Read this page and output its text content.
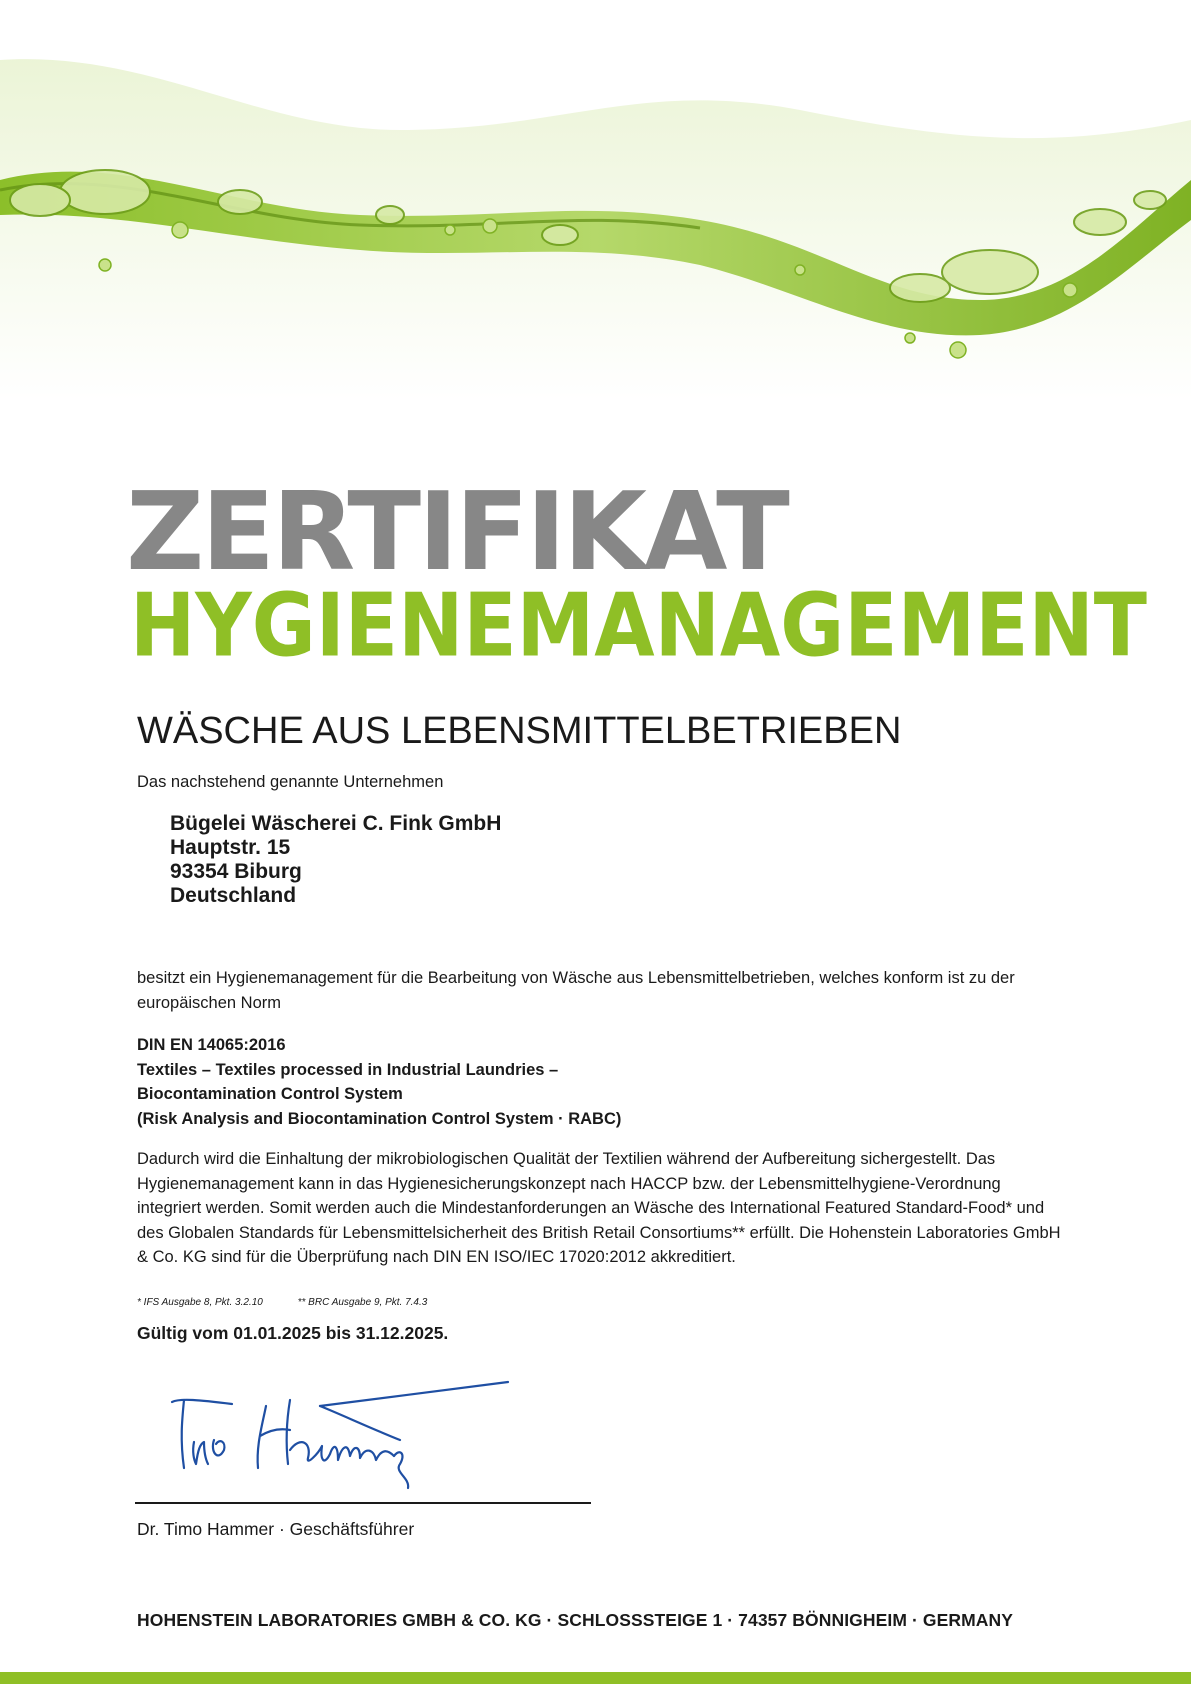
ZERTIFIKAT
HYGIENEMANAGEMENT
WÄSCHE AUS LEBENSMITTELBETRIEBEN

Das nachstehend genannte Unternehmen

Bügelei Wäscherei C. Fink GmbH
Hauptstr. 15
93354 Biburg
Deutschland

besitzt ein Hygienemanagement für die Bearbeitung von Wäsche aus Lebensmittelbetrieben, welches konform ist zu der europäischen Norm

DIN EN 14065:2016
Textiles – Textiles processed in Industrial Laundries –
Biocontamination Control System
(Risk Analysis and Biocontamination Control System · RABC)

Dadurch wird die Einhaltung der mikrobiologischen Qualität der Textilien während der Aufbereitung sichergestellt. Das Hygienemanagement kann in das Hygienesicherungskonzept nach HACCP bzw. der Lebensmittelhygiene-Verordnung integriert werden. Somit werden auch die Mindestanforderungen an Wäsche des International Featured Standard-Food* und des Globalen Standards für Lebensmittelsicherheit des British Retail Consortiums** erfüllt. Die Hohenstein Laboratories GmbH & Co. KG sind für die Überprüfung nach DIN EN ISO/IEC 17020:2012 akkreditiert.

* IFS Ausgabe 8, Pkt. 3.2.10	** BRC Ausgabe 9, Pkt. 7.4.3
Gültig vom 01.01.2025 bis 31.12.2025.
Dr. Timo Hammer · Geschäftsführer
HOHENSTEIN LABORATORIES GMBH & CO. KG · SCHLOSSSTEIGE 1 · 74357 BÖNNIGHEIM · GERMANY
